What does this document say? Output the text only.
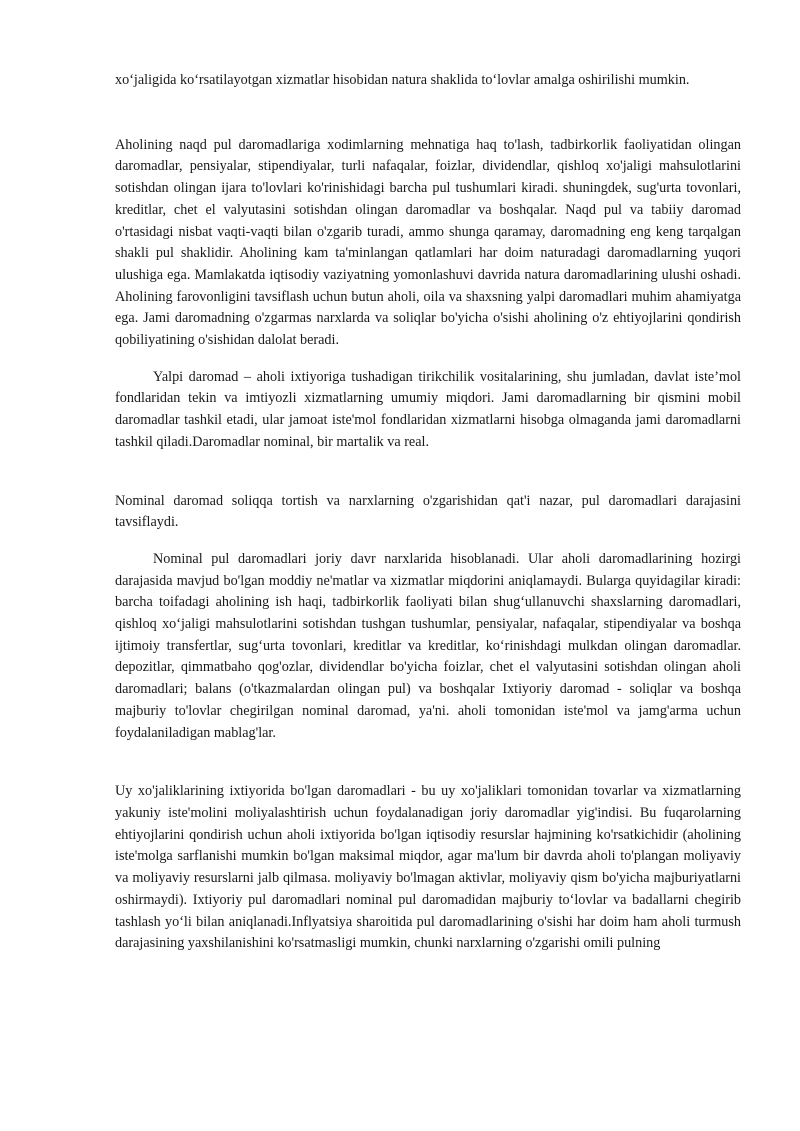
xo‘jaligida ko‘rsatilayotgan xizmatlar hisobidan natura shaklida to‘lovlar amalga oshirilishi mumkin.

Aholining naqd pul daromadlariga xodimlarning mehnatiga haq to'lash, tadbirkorlik faoliyatidan olingan daromadlar, pensiyalar, stipendiyalar, turli nafaqalar, foizlar, dividendlar, qishloq xo'jaligi mahsulotlarini sotishdan olingan ijara to'lovlari ko'rinishidagi barcha pul tushumlari kiradi. shuningdek, sug'urta tovonlari, kreditlar, chet el valyutasini sotishdan olingan daromadlar va boshqalar. Naqd pul va tabiiy daromad o'rtasidagi nisbat vaqti-vaqti bilan o'zgarib turadi, ammo shunga qaramay, daromadning eng keng tarqalgan shakli pul shaklidir. Aholining kam ta'minlangan qatlamlari har doim naturadagi daromadlarning yuqori ulushiga ega. Mamlakatda iqtisodiy vaziyatning yomonlashuvi davrida natura daromadlarining ulushi oshadi. Aholining farovonligini tavsiflash uchun butun aholi, oila va shaxsning yalpi daromadlari muhim ahamiyatga ega. Jami daromadning o'zgarmas narxlarda va soliqlar bo'yicha o'sishi aholining o'z ehtiyojlarini qondirish qobiliyatining o'sishidan dalolat beradi.

Yalpi daromad – aholi ixtiyoriga tushadigan tirikchilik vositalarining, shu jumladan, davlat iste’mol fondlaridan tekin va imtiyozli xizmatlarning umumiy miqdori. Jami daromadlarning bir qismini mobil daromadlar tashkil etadi, ular jamoat iste'mol fondlaridan xizmatlarni hisobga olmaganda jami daromadlarni tashkil qiladi.Daromadlar nominal, bir martalik va real.

Nominal daromad soliqqa tortish va narxlarning o'zgarishidan qat'i nazar, pul daromadlari darajasini tavsiflaydi.

Nominal pul daromadlari joriy davr narxlarida hisoblanadi. Ular aholi daromadlarining hozirgi darajasida mavjud bo'lgan moddiy ne'matlar va xizmatlar miqdorini aniqlamaydi. Bularga quyidagilar kiradi: barcha toifadagi aholining ish haqi, tadbirkorlik faoliyati bilan shug‘ullanuvchi shaxslarning daromadlari, qishloq xo‘jaligi mahsulotlarini sotishdan tushgan tushumlar, pensiyalar, nafaqalar, stipendiyalar va boshqa ijtimoiy transfertlar, sug‘urta tovonlari, kreditlar va kreditlar, ko‘rinishdagi mulkdan olingan daromadlar. depozitlar, qimmatbaho qog'ozlar, dividendlar bo'yicha foizlar, chet el valyutasini sotishdan olingan aholi daromadlari; balans (o'tkazmalardan olingan pul) va boshqalar Ixtiyoriy daromad - soliqlar va boshqa majburiy to'lovlar chegirilgan nominal daromad, ya'ni. aholi tomonidan iste'mol va jamg'arma uchun foydalaniladigan mablag'lar.

Uy xo'jaliklarining ixtiyorida bo'lgan daromadlari - bu uy xo'jaliklari tomonidan tovarlar va xizmatlarning yakuniy iste'molini moliyalashtirish uchun foydalanadigan joriy daromadlar yig'indisi. Bu fuqarolarning ehtiyojlarini qondirish uchun aholi ixtiyorida bo'lgan iqtisodiy resurslar hajmining ko'rsatkichidir (aholining iste'molga sarflanishi mumkin bo'lgan maksimal miqdor, agar ma'lum bir davrda aholi to'plangan moliyaviy va moliyaviy resurslarni jalb qilmasa. moliyaviy bo'lmagan aktivlar, moliyaviy qism bo'yicha majburiyatlarni oshirmaydi). Ixtiyoriy pul daromadlari nominal pul daromadidan majburiy to‘lovlar va badallarni chegirib tashlash yo‘li bilan aniqlanadi.Inflyatsiya sharoitida pul daromadlarining o'sishi har doim ham aholi turmush darajasining yaxshilanishini ko'rsatmasligi mumkin, chunki narxlarning o'zgarishi omili pulning
